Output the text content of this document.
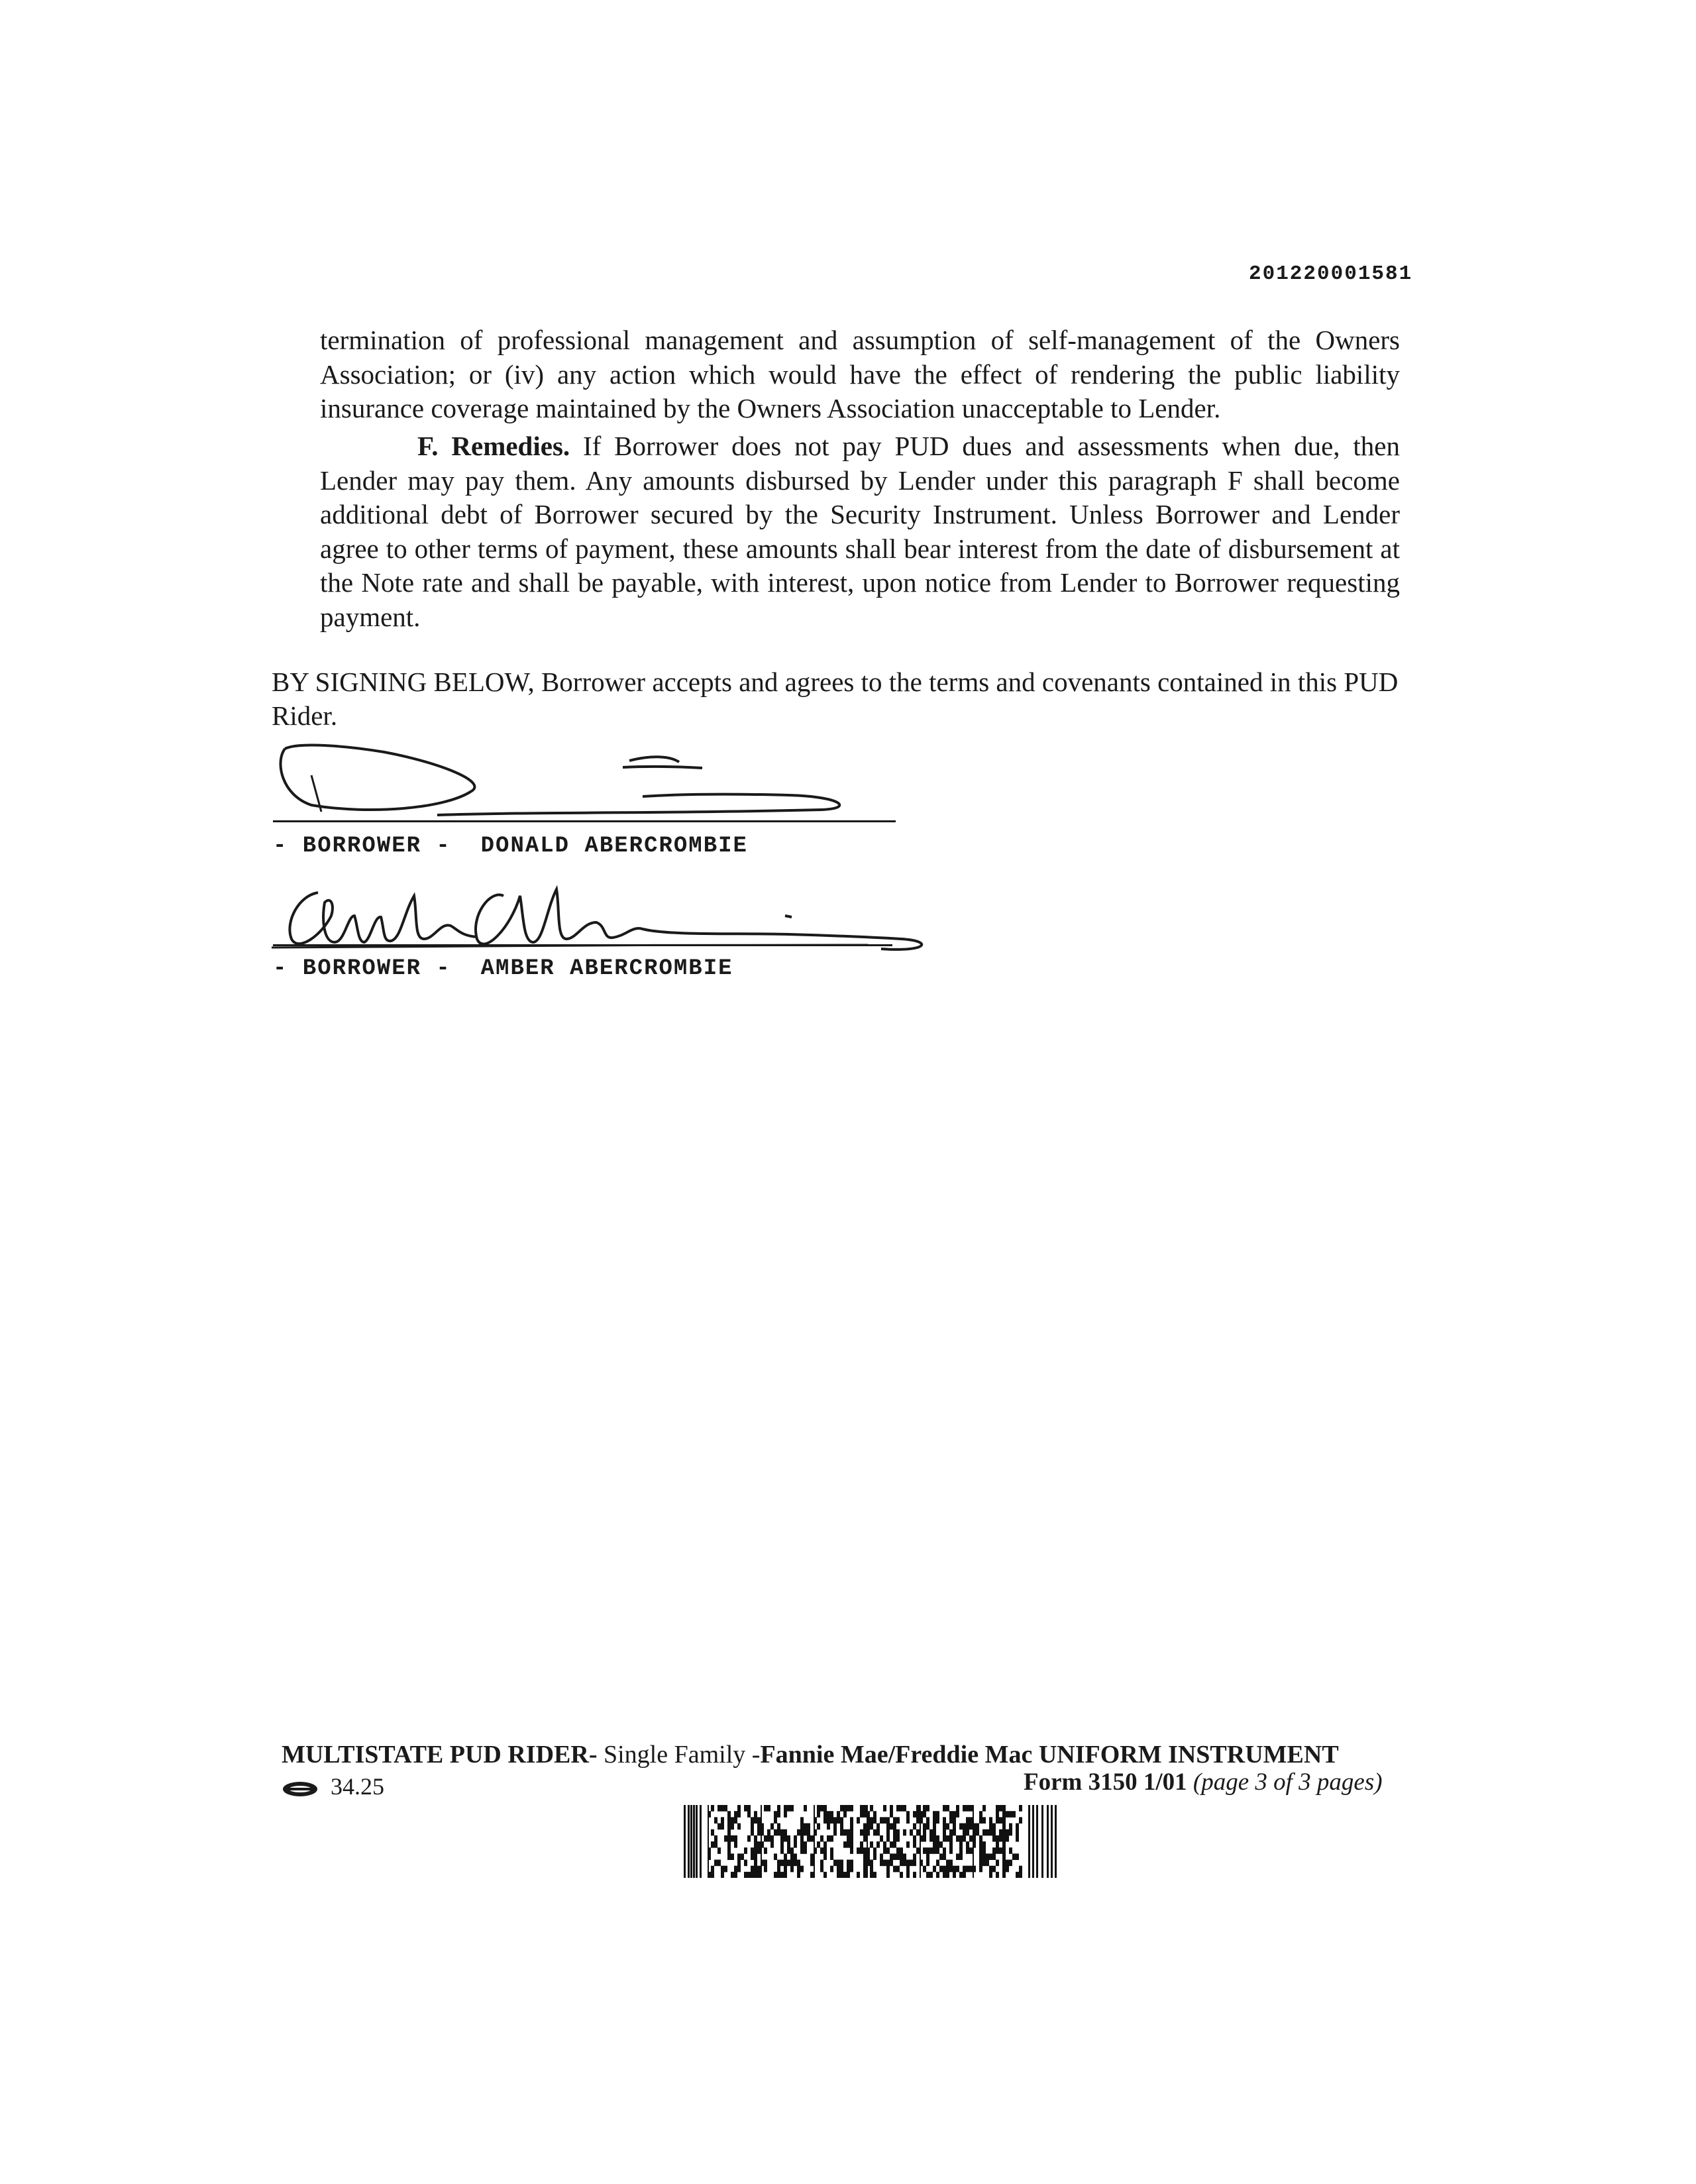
201220001581
termination of professional management and assumption of self-management of the Owners Association; or (iv) any action which would have the effect of rendering the public liability insurance coverage maintained by the Owners Association unacceptable to Lender.
F. Remedies. If Borrower does not pay PUD dues and assessments when due, then Lender may pay them. Any amounts disbursed by Lender under this paragraph F shall become additional debt of Borrower secured by the Security Instrument. Unless Borrower and Lender agree to other terms of payment, these amounts shall bear interest from the date of disbursement at the Note rate and shall be payable, with interest, upon notice from Lender to Borrower requesting payment.
BY SIGNING BELOW, Borrower accepts and agrees to the terms and covenants contained in this PUD Rider.
- BORROWER -  DONALD ABERCROMBIE
- BORROWER -  AMBER ABERCROMBIE
MULTISTATE PUD RIDER- Single Family -Fannie Mae/Freddie Mac UNIFORM INSTRUMENT
34.25	Form 3150 1/01 (page 3 of 3 pages)
